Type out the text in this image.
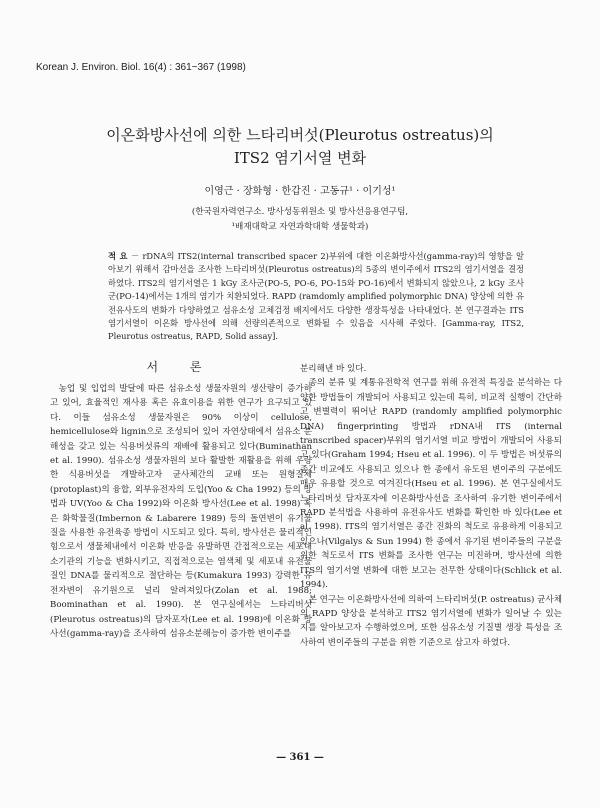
Korean J. Environ. Biol. 16(4) : 361~367 (1998)
이온화방사선에 의한 느타리버섯(Pleurotus ostreatus)의
ITS2 염기서열 변화
이영근 · 장화형 · 한갑진 · 고동규¹ · 이기성¹
(한국원자력연구소. 방사성동위원소 및 방사선응용연구팀,
¹배재대학교 자연과학대학 생물학과)
적 요 － rDNA의 ITS2(internal transcribed spacer 2)부위에 대한 이온화방사선(gamma-ray)의 영향을 알아보기 위해서 감마선을 조사한 느타리버섯(Pleurotus ostreatus)의 5종의 변이주에서 ITS2의 염기서열을 결정하였다. ITS2의 염기서열은 1 kGy 조사군(PO-5, PO-6, PO-15와 PO-16)에서 변화되지 않았으나, 2 kGy 조사군(PO-14)에서는 1개의 염기가 치환되었다. RAPD (ramdomly amplified polymorphic DNA) 양상에 의한 유전유사도의 변화가 다양하였고 섬유소성 고체검정 배지에서도 다양한 생장특성을 나타내었다. 본 연구결과는 ITS 염기서열이 이온화 방사선에 의해 선량의존적으로 변화될 수 있음을 시사해 주었다. [Gamma-ray, ITS2, Pleurotus ostreatus, RAPD, Solid assay].
서 론

농업 및 입업의 발달에 따른 섬유소성 생물자원의 생산량이 증가하고 있어, 효율적인 재사용 혹은 유효이용을 위한 연구가 요구되고 있다. 이들 섬유소성 생물자원은 90% 이상이 cellulose, hemicellulose와 lignin으로 조성되어 있어 자연상태에서 섬유소 분해성을 갖고 있는 식용버섯류의 재배에 활용되고 있다(Buminathan et al. 1990). 섬유소성 생물자원의 보다 활발한 재활용을 위해 우량한 식용버섯을 개발하고자 균사체간의 교배 또는 원형질체(protoplast)의 융합, 외부유전자의 도입(Yoo & Cha 1992) 등의 방법과 UV(Yoo & Cha 1992)와 이온화 방사선(Lee et al. 1998) 혹은 화학물질(Imbernon & Labarere 1989) 등의 돌연변이 유기물질을 사용한 유전육종 방법이 시도되고 있다. 특히, 방사선은 물리적인 힘으로서 생물체내에서 이온화 반응을 유발하면 간접적으로는 세포내 소기관의 기능을 변화시키고, 직접적으로는 염색체 및 세포내 유전물질인 DNA를 물리적으로 절단하는 등(Kumakura 1993) 강력한 유전자변이 유기원으로 널리 알려져있다(Zolan et al. 1988; Boominathan et al. 1990). 본 연구실에서는 느타리버섯(Pleurotus ostreatus)의 담자포자(Lee et al. 1998)에 이온화 방사선(gamma-ray)을 조사하여 섬유소분해능이 증가한 변이주를

분리해낸 바 있다.

종의 분류 및 계통유전학적 연구를 위해 유전적 특징을 분석하는 다양한 방법들이 개발되어 사용되고 있는데 특히, 비교적 실행이 간단하고 변별력이 뛰어난 RAPD (randomly amplified polymorphic DNA) fingerprinting 방법과 rDNA내 ITS (internal transcribed spacer)부위의 염기서열 비교 방법이 개발되어 사용되고 있다(Graham 1994; Hseu et al. 1996). 이 두 방법은 버섯류의 종간 비교에도 사용되고 있으나 한 종에서 유도된 변이주의 구분에도 매우 유용할 것으로 여겨진다(Hseu et al. 1996). 본 연구실에서도 느타리버섯 담자포자에 이온화방사선을 조사하여 유기한 변이주에서 RAPD 분석법을 사용하여 유전유사도 변화를 확인한 바 있다(Lee et al. 1998). ITS의 염기서열은 종간 진화의 척도로 유용하게 이용되고 있으나(Vilgalys & Sun 1994) 한 종에서 유기된 변이주들의 구분을 위한 척도로서 ITS 변화를 조사한 연구는 미진하며, 방사선에 의한 ITS의 염기서열 변화에 대한 보고는 전무한 상태이다(Schlick et al. 1994).

본 연구는 이온화방사선에 의하여 느타리버섯(P. ostreatus) 균사체의 RAPD 양상을 분석하고 ITS2 염기서열에 변화가 일어날 수 있는 지를 알아보고자 수행하였으며, 또한 섬유소성 기질별 생장 특성을 조사하여 변이주들의 구분을 위한 기준으로 삼고자 하였다.

— 361 —
